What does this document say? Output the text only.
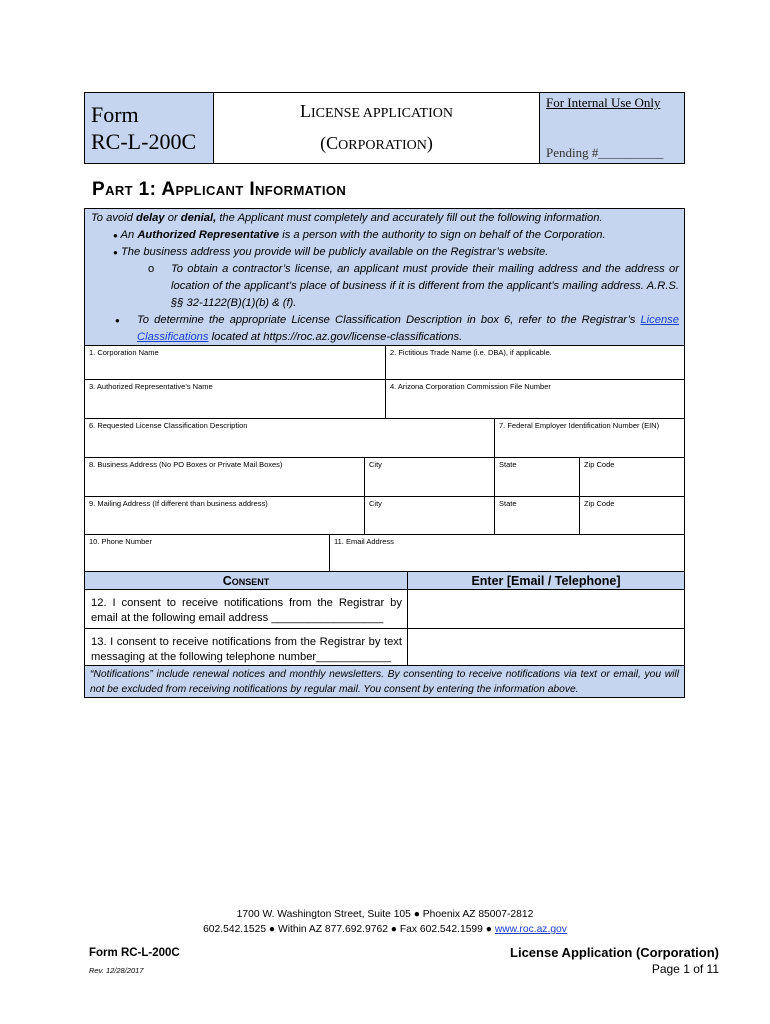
Form
RC-L-200C
LICENSE APPLICATION
(CORPORATION)
For Internal Use Only
Pending #__________
Part 1: Applicant Information

To avoid delay or denial, the Applicant must completely and accurately fill out the following information.

● An Authorized Representative is a person with the authority to sign on behalf of the Corporation.

● The business address you provide will be publicly available on the Registrar’s website.

o To obtain a contractor’s license, an applicant must provide their mailing address and the address or location of the applicant’s place of business if it is different from the applicant’s mailing address. A.R.S. §§ 32-1122(B)(1)(b) & (f).

● To determine the appropriate License Classification Description in box 6, refer to the Registrar’s License Classifications located at https://roc.az.gov/license-classifications.

1. Corporation Name	2. Fictitious Trade Name (i.e. DBA), if applicable.
3. Authorized Representative’s Name	4. Arizona Corporation Commission File Number
6. Requested License Classification Description	7. Federal Employer Identification Number (EIN)
8. Business Address (No PO Boxes or Private Mail Boxes)	City	State	Zip Code
9. Mailing Address (If different than business address)	City	State	Zip Code
10. Phone Number	11. Email Address
Consent	Enter [Email / Telephone]
12. I consent to receive notifications from the Registrar by email at the following email address __________________
13. I consent to receive notifications from the Registrar by text messaging at the following telephone number____________
“Notifications” include renewal notices and monthly newsletters. By consenting to receive notifications via text or email, you will not be excluded from receiving notifications by regular mail. You consent by entering the information above.
1700 W. Washington Street, Suite 105 ● Phoenix AZ 85007-2812
602.542.1525 ● Within AZ 877.692.9762 ● Fax 602.542.1599 ● www.roc.az.gov
Form RC-L-200C
Rev. 12/28/2017
License Application (Corporation)
Page 1 of 11
